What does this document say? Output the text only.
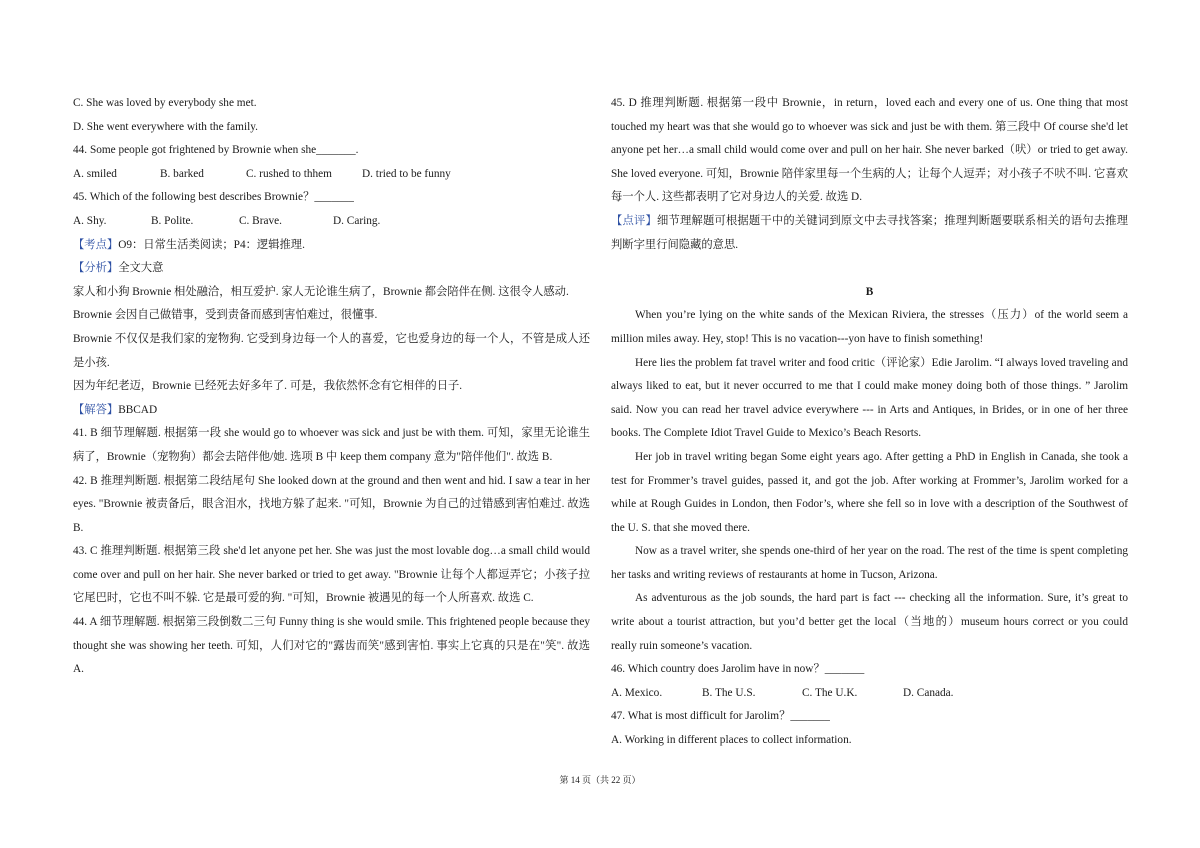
C. She was loved by everybody she met.
D. She went everywhere with the family.
44. Some people got frightened by Brownie when she_______.
A. smiled	B. barked	C. rushed to thhem	D. tried to be funny
45. Which of the following best describes Brownie？_______
A. Shy.	B. Polite.	C. Brave.	D. Caring.
【考点】O9：日常生活类阅读；P4：逻辑推理.
【分析】全文大意
家人和小狗 Brownie 相处融洽，相互爱护. 家人无论谁生病了，Brownie 都会陪伴在侧. 这很令人感动.
Brownie 会因自己做错事，受到责备而感到害怕难过，很懂事.
Brownie 不仅仅是我们家的宠物狗. 它受到身边每一个人的喜爱，它也爱身边的每一个人，不管是成人还是小孩.
因为年纪老迈，Brownie 已经死去好多年了. 可是，我依然怀念有它相伴的日子.
【解答】BBCAD
41. B 细节理解题. 根据第一段 she would go to whoever was sick and just be with them. 可知，家里无论谁生病了，Brownie（宠物狗）都会去陪伴他/她. 选项 B 中 keep them company 意为"陪伴他们". 故选 B.
42. B 推理判断题. 根据第二段结尾句 She looked down at the ground and then went and hid. I saw a tear in her eyes. "Brownie 被责备后，眼含泪水，找地方躲了起来. "可知，Brownie 为自己的过错感到害怕难过. 故选 B.
43. C 推理判断题. 根据第三段 she'd let anyone pet her. She was just the most lovable dog…a small child would come over and pull on her hair. She never barked or tried to get away. "Brownie 让每个人都逗弄它；小孩子拉它尾巴时，它也不叫不躲. 它是最可爱的狗. "可知，Brownie 被遇见的每一个人所喜欢. 故选 C.
44. A 细节理解题. 根据第三段倒数二三句 Funny thing is she would smile. This frightened people because they thought she was showing her teeth. 可知，人们对它的"露齿而笑"感到害怕. 事实上它真的只是在"笑". 故选 A.
45. D 推理判断题. 根据第一段中 Brownie，in return，loved each and every one of us. One thing that most touched my heart was that she would go to whoever was sick and just be with them. 第三段中 Of course she'd let anyone pet her…a small child would come over and pull on her hair. She never barked（吠）or tried to get away. She loved everyone. 可知，Brownie 陪伴家里每一个生病的人；让每个人逗弄；对小孩子不吠不叫. 它喜欢每一个人. 这些都表明了它对身边人的关爱. 故选 D.
【点评】细节理解题可根据题干中的关键词到原文中去寻找答案；推理判断题要联系相关的语句去推理判断字里行间隐藏的意思.
B
When you’re lying on the white sands of the Mexican Riviera, the stresses（压力）of the world seem a million miles away. Hey, stop! This is no vacation---yon have to finish something!
Here lies the problem fat travel writer and food critic（评论家）Edie Jarolim. “I always loved traveling and always liked to eat, but it never occurred to me that I could make money doing both of those things. ” Jarolim said. Now you can read her travel advice everywhere --- in Arts and Antiques, in Brides, or in one of her three books. The Complete Idiot Travel Guide to Mexico’s Beach Resorts.
Her job in travel writing began Some eight years ago. After getting a PhD in English in Canada, she took a test for Frommer’s travel guides, passed it, and got the job. After working at Frommer’s, Jarolim worked for a while at Rough Guides in London, then Fodor’s, where she fell so in love with a description of the Southwest of the U. S. that she moved there.
Now as a travel writer, she spends one-third of her year on the road. The rest of the time is spent completing her tasks and writing reviews of restaurants at home in Tucson, Arizona.
As adventurous as the job sounds, the hard part is fact --- checking all the information. Sure, it’s great to write about a tourist attraction, but you’d better get the local（当地的）museum hours correct or you could really ruin someone’s vacation.
46. Which country does Jarolim have in now？_______
A. Mexico.	B. The U.S.	C. The U.K.	D. Canada.
47. What is most difficult for Jarolim？_______
A. Working in different places to collect information.
第 14 页（共 22 页）
